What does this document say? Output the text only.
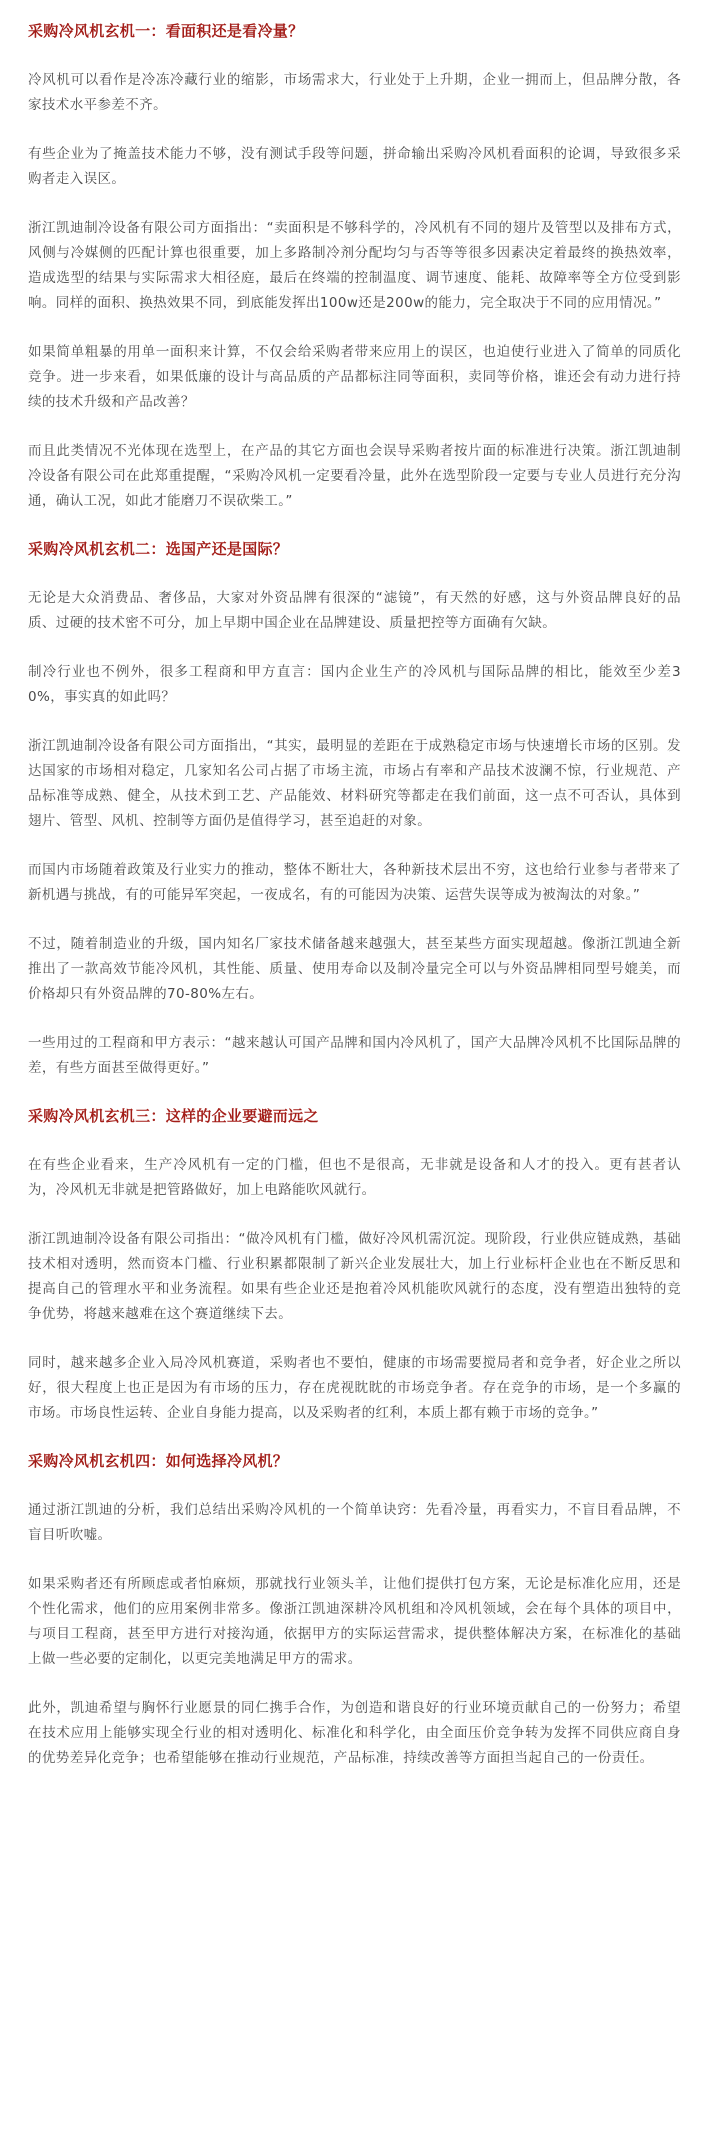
采购冷风机玄机一：看面积还是看冷量？

冷风机可以看作是冷冻冷藏行业的缩影，市场需求大，行业处于上升期，企业一拥而上，但品牌分散，各家技术水平参差不齐。

有些企业为了掩盖技术能力不够，没有测试手段等问题，拼命输出采购冷风机看面积的论调，导致很多采购者走入误区。

浙江凯迪制冷设备有限公司方面指出：“卖面积是不够科学的，冷风机有不同的翅片及管型以及排布方式，风侧与冷媒侧的匹配计算也很重要，加上多路制冷剂分配均匀与否等等很多因素决定着最终的换热效率，造成选型的结果与实际需求大相径庭，最后在终端的控制温度、调节速度、能耗、故障率等全方位受到影响。同样的面积、换热效果不同，到底能发挥出100w还是200w的能力，完全取决于不同的应用情况。”

如果简单粗暴的用单一面积来计算，不仅会给采购者带来应用上的误区，也迫使行业进入了简单的同质化竞争。进一步来看，如果低廉的设计与高品质的产品都标注同等面积，卖同等价格，谁还会有动力进行持续的技术升级和产品改善？

而且此类情况不光体现在选型上，在产品的其它方面也会误导采购者按片面的标准进行决策。浙江凯迪制冷设备有限公司在此郑重提醒，“采购冷风机一定要看冷量，此外在选型阶段一定要与专业人员进行充分沟通，确认工况，如此才能磨刀不误砍柴工。”

采购冷风机玄机二：选国产还是国际？

无论是大众消费品、奢侈品，大家对外资品牌有很深的“滤镜”，有天然的好感，这与外资品牌良好的品质、过硬的技术密不可分，加上早期中国企业在品牌建设、质量把控等方面确有欠缺。

制冷行业也不例外，很多工程商和甲方直言：国内企业生产的冷风机与国际品牌的相比，能效至少差30%，事实真的如此吗？

浙江凯迪制冷设备有限公司方面指出，“其实，最明显的差距在于成熟稳定市场与快速增长市场的区别。发达国家的市场相对稳定，几家知名公司占据了市场主流，市场占有率和产品技术波澜不惊，行业规范、产品标准等成熟、健全，从技术到工艺、产品能效、材料研究等都走在我们前面，这一点不可否认，具体到翅片、管型、风机、控制等方面仍是值得学习，甚至追赶的对象。

而国内市场随着政策及行业实力的推动，整体不断壮大，各种新技术层出不穷，这也给行业参与者带来了新机遇与挑战，有的可能异军突起，一夜成名，有的可能因为决策、运营失误等成为被淘汰的对象。”

不过，随着制造业的升级，国内知名厂家技术储备越来越强大，甚至某些方面实现超越。像浙江凯迪全新推出了一款高效节能冷风机，其性能、质量、使用寿命以及制冷量完全可以与外资品牌相同型号媲美，而价格却只有外资品牌的70-80%左右。

一些用过的工程商和甲方表示：“越来越认可国产品牌和国内冷风机了，国产大品牌冷风机不比国际品牌的差，有些方面甚至做得更好。”

采购冷风机玄机三：这样的企业要避而远之

在有些企业看来，生产冷风机有一定的门槛，但也不是很高，无非就是设备和人才的投入。更有甚者认为，冷风机无非就是把管路做好，加上电路能吹风就行。

浙江凯迪制冷设备有限公司指出：“做冷风机有门槛，做好冷风机需沉淀。现阶段，行业供应链成熟，基础技术相对透明，然而资本门槛、行业积累都限制了新兴企业发展壮大，加上行业标杆企业也在不断反思和提高自己的管理水平和业务流程。如果有些企业还是抱着冷风机能吹风就行的态度，没有塑造出独特的竞争优势，将越来越难在这个赛道继续下去。

同时，越来越多企业入局冷风机赛道，采购者也不要怕，健康的市场需要搅局者和竞争者，好企业之所以好，很大程度上也正是因为有市场的压力，存在虎视眈眈的市场竞争者。存在竞争的市场，是一个多赢的市场。市场良性运转、企业自身能力提高，以及采购者的红利，本质上都有赖于市场的竞争。”

采购冷风机玄机四：如何选择冷风机？

通过浙江凯迪的分析，我们总结出采购冷风机的一个简单诀窍：先看冷量，再看实力，不盲目看品牌，不盲目听吹嘘。

如果采购者还有所顾虑或者怕麻烦，那就找行业领头羊，让他们提供打包方案，无论是标准化应用，还是个性化需求，他们的应用案例非常多。像浙江凯迪深耕冷风机组和冷风机领域，会在每个具体的项目中，与项目工程商，甚至甲方进行对接沟通，依据甲方的实际运营需求，提供整体解决方案，在标准化的基础上做一些必要的定制化，以更完美地满足甲方的需求。

此外，凯迪希望与胸怀行业愿景的同仁携手合作，为创造和谐良好的行业环境贡献自己的一份努力；希望在技术应用上能够实现全行业的相对透明化、标准化和科学化，由全面压价竞争转为发挥不同供应商自身的优势差异化竞争；也希望能够在推动行业规范，产品标准，持续改善等方面担当起自己的一份责任。
